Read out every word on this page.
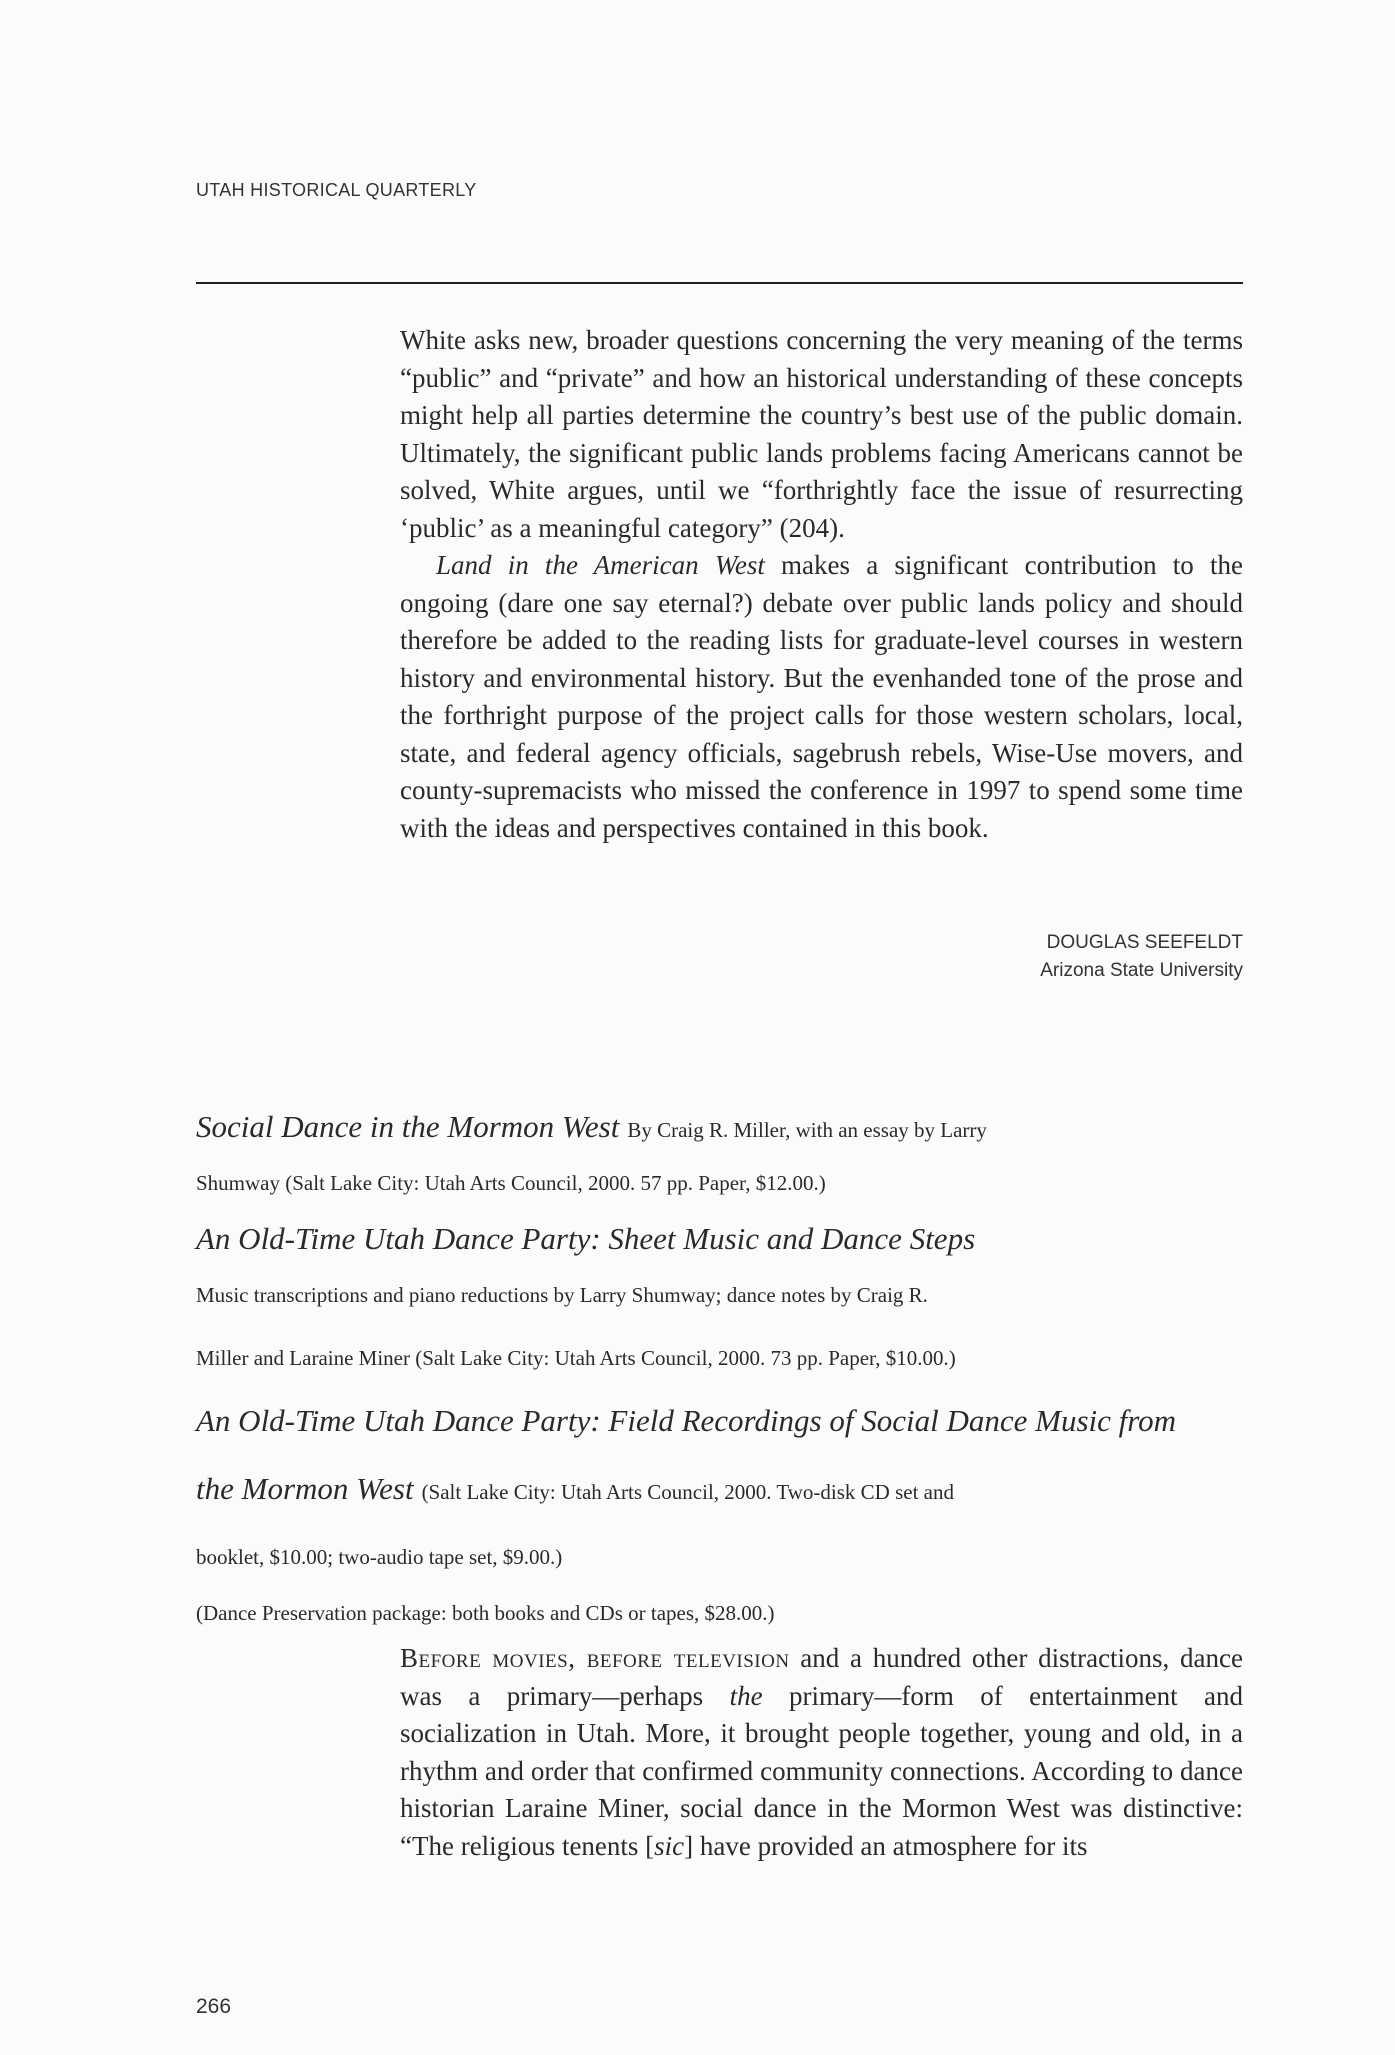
UTAH HISTORICAL QUARTERLY

White asks new, broader questions concerning the very meaning of the terms “public” and “private” and how an historical understanding of these concepts might help all parties determine the country’s best use of the public domain. Ultimately, the significant public lands problems facing Americans cannot be solved, White argues, until we “forthrightly face the issue of resurrecting ‘public’ as a meaningful category” (204).

Land in the American West makes a significant contribution to the ongoing (dare one say eternal?) debate over public lands policy and should therefore be added to the reading lists for graduate-level courses in western history and environmental history. But the evenhanded tone of the prose and the forthright purpose of the project calls for those western scholars, local, state, and federal agency officials, sagebrush rebels, Wise-Use movers, and county-supremacists who missed the conference in 1997 to spend some time with the ideas and perspectives contained in this book.

DOUGLAS SEEFELDT
Arizona State University

Social Dance in the Mormon West By Craig R. Miller, with an essay by Larry

Shumway (Salt Lake City: Utah Arts Council, 2000. 57 pp. Paper, $12.00.)

An Old-Time Utah Dance Party: Sheet Music and Dance Steps

Music transcriptions and piano reductions by Larry Shumway; dance notes by Craig R.

Miller and Laraine Miner (Salt Lake City: Utah Arts Council, 2000. 73 pp. Paper, $10.00.)

An Old-Time Utah Dance Party: Field Recordings of Social Dance Music from

the Mormon West (Salt Lake City: Utah Arts Council, 2000. Two-disk CD set and

booklet, $10.00; two-audio tape set, $9.00.)

(Dance Preservation package: both books and CDs or tapes, $28.00.)

Before movies, before television and a hundred other distractions, dance was a primary—perhaps the primary—form of entertainment and socialization in Utah. More, it brought people together, young and old, in a rhythm and order that confirmed community connections. According to dance historian Laraine Miner, social dance in the Mormon West was distinctive: “The religious tenents [sic] have provided an atmosphere for its

266
